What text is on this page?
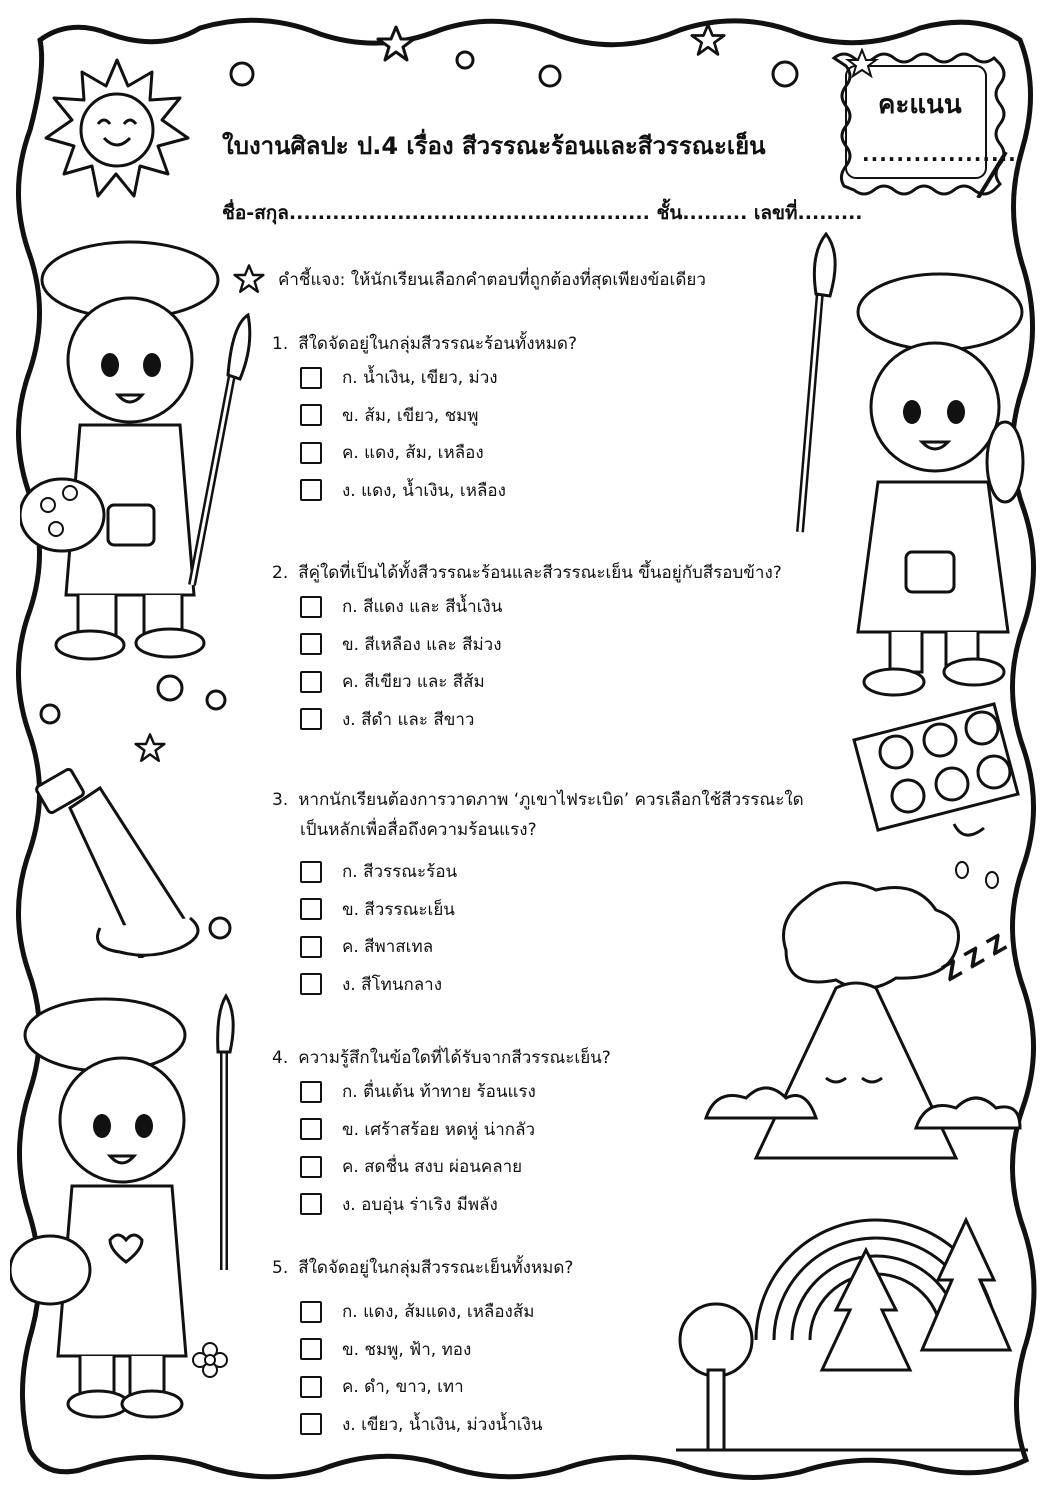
คะแนน
..................
ใบงานศิลปะ ป.4 เรื่อง สีวรรณะร้อนและสีวรรณะเย็น
ชื่อ-สกุล.................................................. ชั้น......... เลขที่.........
คำชี้แจง: ให้นักเรียนเลือกคำตอบที่ถูกต้องที่สุดเพียงข้อเดียว
Z Z Z
1. สีใดจัดอยู่ในกลุ่มสีวรรณะร้อนทั้งหมด?
ก. น้ำเงิน, เขียว, ม่วง
ข. ส้ม, เขียว, ชมพู
ค. แดง, ส้ม, เหลือง
ง. แดง, น้ำเงิน, เหลือง
2. สีคู่ใดที่เป็นได้ทั้งสีวรรณะร้อนและสีวรรณะเย็น ขึ้นอยู่กับสีรอบข้าง?
ก. สีแดง และ สีน้ำเงิน
ข. สีเหลือง และ สีม่วง
ค. สีเขียว และ สีส้ม
ง. สีดำ และ สีขาว
3. หากนักเรียนต้องการวาดภาพ ‘ภูเขาไฟระเบิด’ ควรเลือกใช้สีวรรณะใด
เป็นหลักเพื่อสื่อถึงความร้อนแรง?
ก. สีวรรณะร้อน
ข. สีวรรณะเย็น
ค. สีพาสเทล
ง. สีโทนกลาง
4. ความรู้สึกในข้อใดที่ได้รับจากสีวรรณะเย็น?
ก. ตื่นเต้น ท้าทาย ร้อนแรง
ข. เศร้าสร้อย หดหู่ น่ากลัว
ค. สดชื่น สงบ ผ่อนคลาย
ง. อบอุ่น ร่าเริง มีพลัง
5. สีใดจัดอยู่ในกลุ่มสีวรรณะเย็นทั้งหมด?
ก. แดง, ส้มแดง, เหลืองส้ม
ข. ชมพู, ฟ้า, ทอง
ค. ดำ, ขาว, เทา
ง. เขียว, น้ำเงิน, ม่วงน้ำเงิน
